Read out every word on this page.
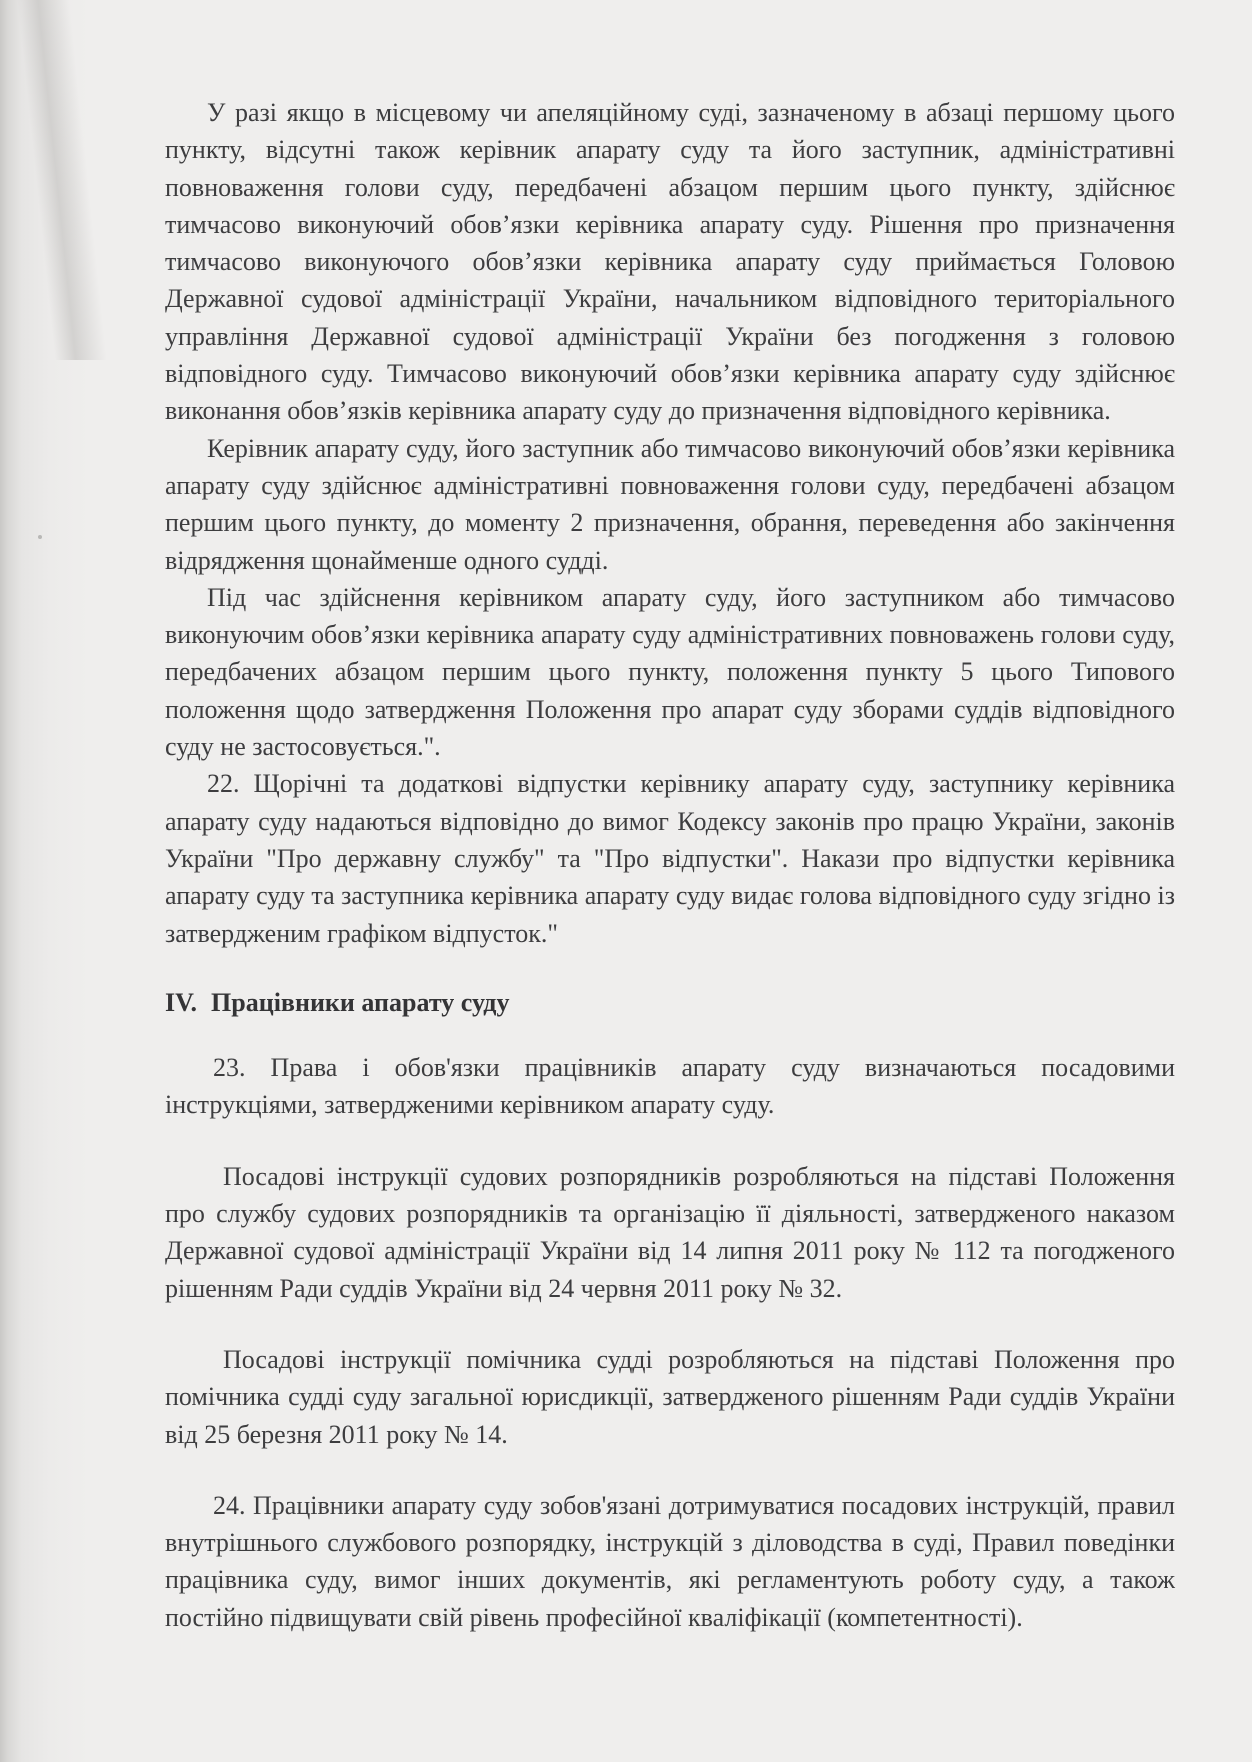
У разі якщо в місцевому чи апеляційному суді, зазначеному в абзаці першому цього пункту, відсутні також керівник апарату суду та його заступник, адміністративні повноваження голови суду, передбачені абзацом першим цього пункту, здійснює тимчасово виконуючий обов’язки керівника апарату суду. Рішення про призначення тимчасово виконуючого обов’язки керівника апарату суду приймається Головою Державної судової адміністрації України, начальником відповідного територіального управління Державної судової адміністрації України без погодження з головою відповідного суду. Тимчасово виконуючий обов’язки керівника апарату суду здійснює виконання обов’язків керівника апарату суду до призначення відповідного керівника.

Керівник апарату суду, його заступник або тимчасово виконуючий обов’язки керівника апарату суду здійснює адміністративні повноваження голови суду, передбачені абзацом першим цього пункту, до моменту 2 призначення, обрання, переведення або закінчення відрядження щонайменше одного судді.

Під час здійснення керівником апарату суду, його заступником або тимчасово виконуючим обов’язки керівника апарату суду адміністративних повноважень голови суду, передбачених абзацом першим цього пункту, положення пункту 5 цього Типового положення щодо затвердження Положення про апарат суду зборами суддів відповідного суду не застосовується.".

22. Щорічні та додаткові відпустки керівнику апарату суду, заступнику керівника апарату суду надаються відповідно до вимог Кодексу законів про працю України, законів України "Про державну службу" та "Про відпустки". Накази про відпустки керівника апарату суду та заступника керівника апарату суду видає голова відповідного суду згідно із затвердженим графіком відпусток."

IV. Працівники апарату суду

23. Права і обов'язки працівників апарату суду визначаються посадовими інструкціями, затвердженими керівником апарату суду.

Посадові інструкції судових розпорядників розробляються на підставі Положення про службу судових розпорядників та організацію її діяльності, затвердженого наказом Державної судової адміністрації України від 14 липня 2011 року № 112 та погодженого рішенням Ради суддів України від 24 червня 2011 року № 32.

Посадові інструкції помічника судді розробляються на підставі Положення про помічника судді суду загальної юрисдикції, затвердженого рішенням Ради суддів України від 25 березня 2011 року № 14.

24. Працівники апарату суду зобов'язані дотримуватися посадових інструкцій, правил внутрішнього службового розпорядку, інструкцій з діловодства в суді, Правил поведінки працівника суду, вимог інших документів, які регламентують роботу суду, а також постійно підвищувати свій рівень професійної кваліфікації (компетентності).
